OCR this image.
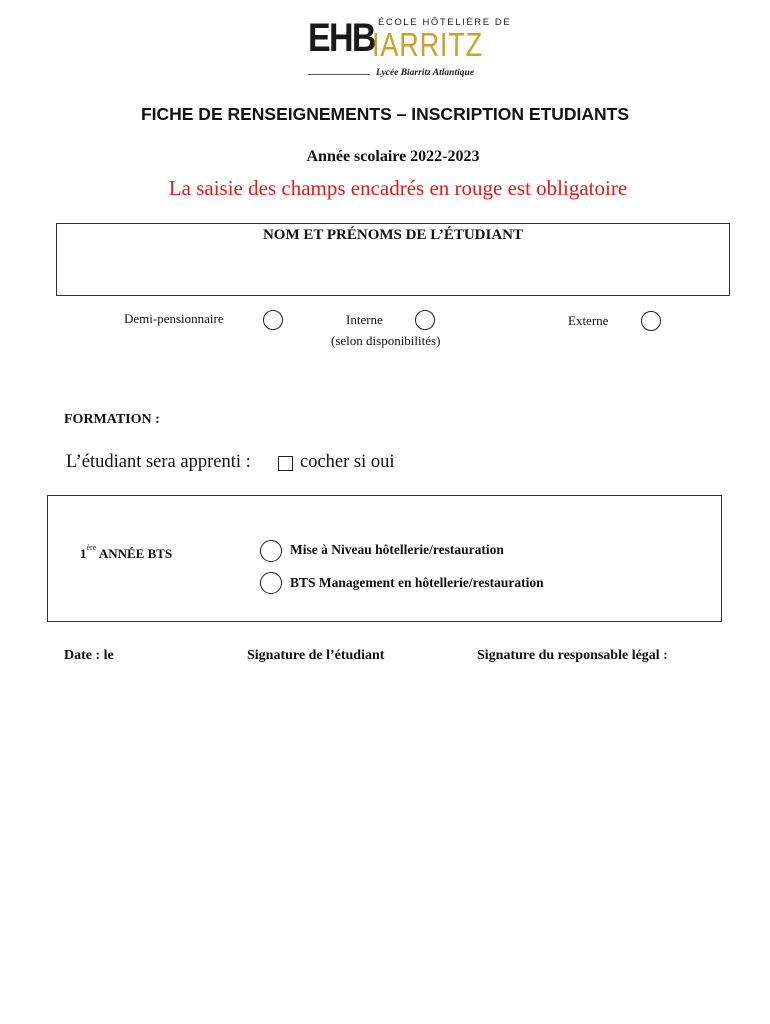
EHB ÉCOLE HÔTELIÈRE DE
IARRITZ
Lycée Biarritz Atlantique
FICHE DE RENSEIGNEMENTS – INSCRIPTION ETUDIANTS
Année scolaire 2022-2023
La saisie des champs encadrés en rouge est obligatoire
NOM ET PRÉNOMS DE L’ÉTUDIANT
Demi-pensionnaire	Interne
(selon disponibilités)
Externe
FORMATION :
L’étudiant sera apprenti :	cocher si oui
1ère ANNÉE BTS	Mise à Niveau hôtellerie/restauration
BTS Management en hôtellerie/restauration
Date : le	Signature de l’étudiant	Signature du responsable légal :
